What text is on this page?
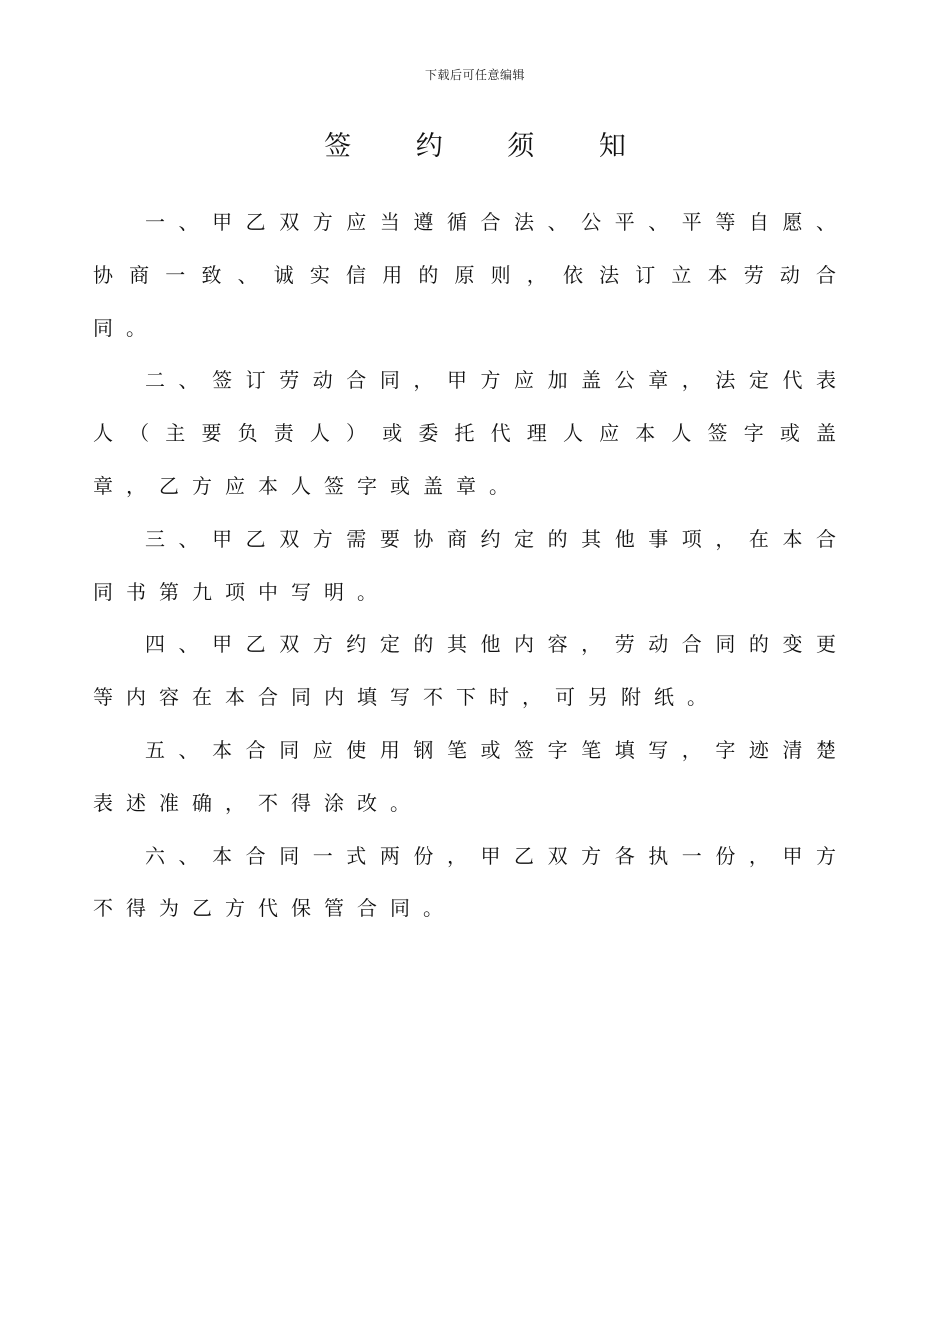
下载后可任意编辑
签 约 须 知

一、甲乙双方应当遵循合法、公平、平等自愿、协商一致、诚实信用的原则，依法订立本劳动合同。

二、签订劳动合同，甲方应加盖公章，法定代表人（主要负责人）或委托代理人应本人签字或盖章，乙方应本人签字或盖章。

三、甲乙双方需要协商约定的其他事项，在本合同书第九项中写明。

四、甲乙双方约定的其他内容，劳动合同的变更等内容在本合同内填写不下时，可另附纸。

五、本合同应使用钢笔或签字笔填写，字迹清楚表述准确，不得涂改。

六、本合同一式两份，甲乙双方各执一份，甲方不得为乙方代保管合同。
